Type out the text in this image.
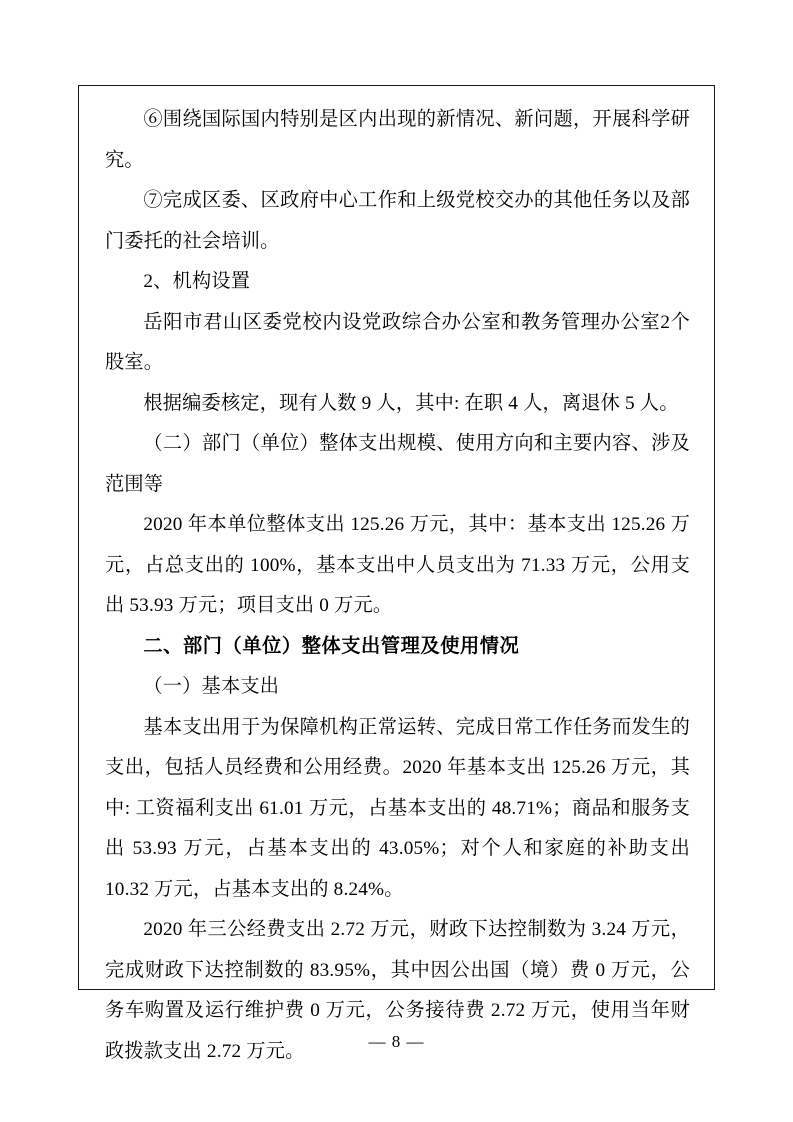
⑥围绕国际国内特别是区内出现的新情况、新问题，开展科学研究。

⑦完成区委、区政府中心工作和上级党校交办的其他任务以及部门委托的社会培训。

2、机构设置

岳阳市君山区委党校内设党政综合办公室和教务管理办公室2个股室。

根据编委核定，现有人数 9 人，其中: 在职 4 人，离退休 5 人。

（二）部门（单位）整体支出规模、使用方向和主要内容、涉及范围等

2020 年本单位整体支出 125.26 万元，其中：基本支出 125.26 万元，占总支出的 100%，基本支出中人员支出为 71.33 万元，公用支出 53.93 万元；项目支出 0 万元。

二、部门（单位）整体支出管理及使用情况

（一）基本支出

基本支出用于为保障机构正常运转、完成日常工作任务而发生的支出，包括人员经费和公用经费。2020 年基本支出 125.26 万元，其中: 工资福利支出 61.01 万元，占基本支出的 48.71%；商品和服务支出 53.93 万元，占基本支出的 43.05%；对个人和家庭的补助支出 10.32 万元，占基本支出的 8.24%。

2020 年三公经费支出 2.72 万元，财政下达控制数为 3.24 万元，完成财政下达控制数的 83.95%，其中因公出国（境）费 0 万元，公务车购置及运行维护费 0 万元，公务接待费 2.72 万元，使用当年财政拨款支出 2.72 万元。	— 8 —
